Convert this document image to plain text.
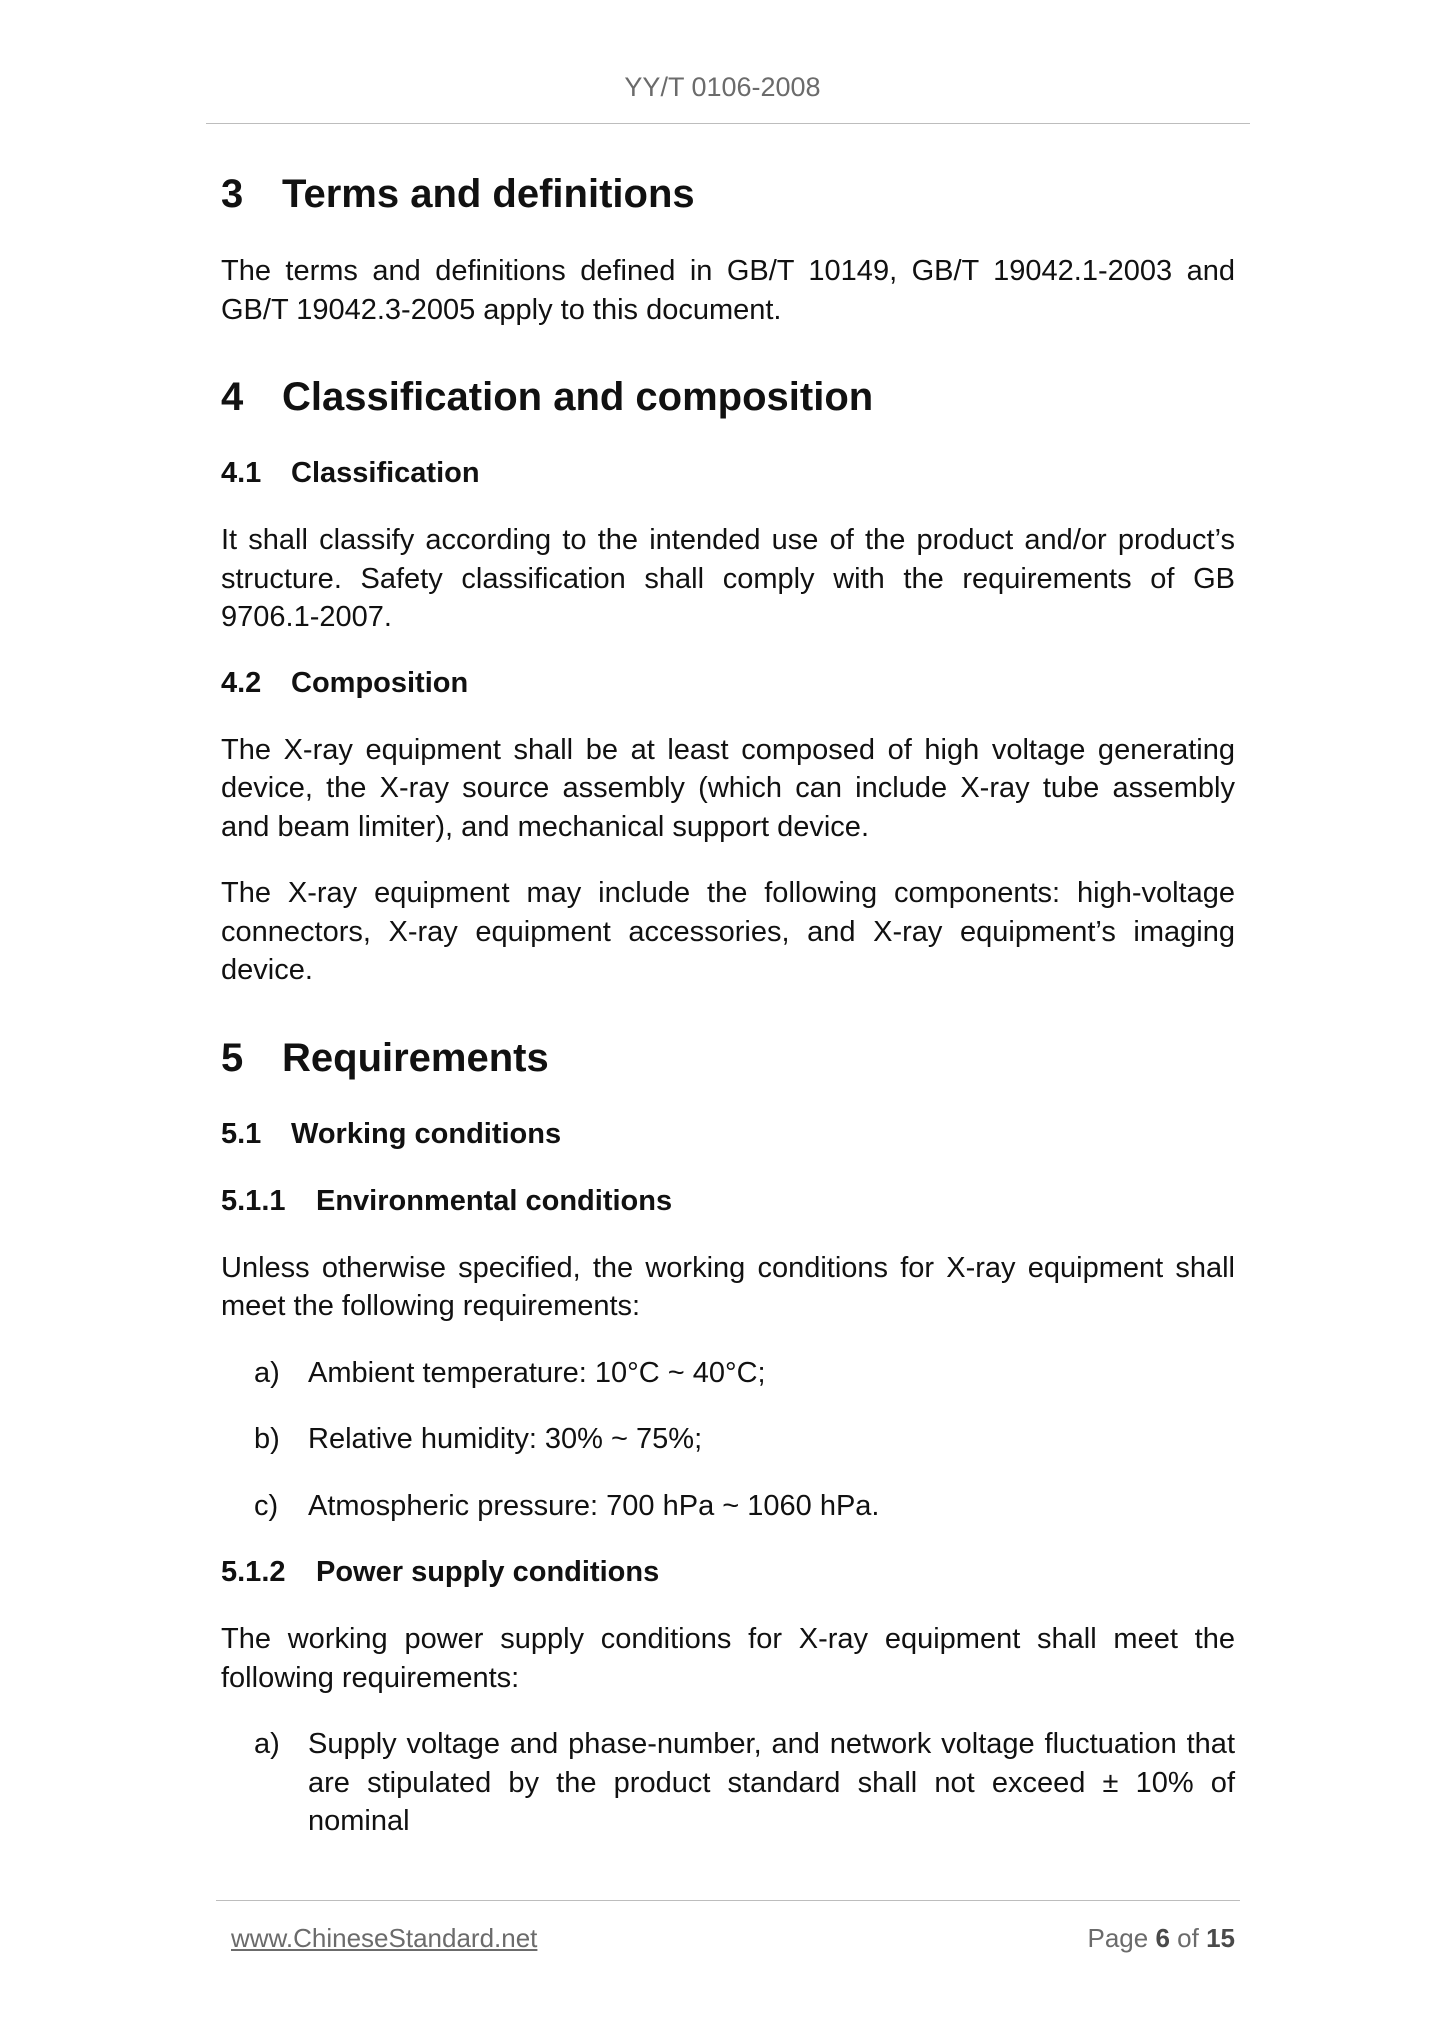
YY/T 0106-2008
3 Terms and definitions

The terms and definitions defined in GB/T 10149, GB/T 19042.1-2003 and GB/T 19042.3-2005 apply to this document.

4 Classification and composition
4.1	Classification

It shall classify according to the intended use of the product and/or product’s structure. Safety classification shall comply with the requirements of GB 9706.1-2007.

4.2	Composition

The X-ray equipment shall be at least composed of high voltage generating device, the X-ray source assembly (which can include X-ray tube assembly and beam limiter), and mechanical support device.

The X-ray equipment may include the following components: high-voltage connectors, X-ray equipment accessories, and X-ray equipment’s imaging device.

5 Requirements
5.1	Working conditions
5.1.1	Environmental conditions

Unless otherwise specified, the working conditions for X-ray equipment shall meet the following requirements:

a) Ambient temperature: 10°C ~ 40°C;
b) Relative humidity: 30% ~ 75%;
c)	Atmospheric pressure: 700 hPa ~ 1060 hPa.
5.1.2	Power supply conditions

The working power supply conditions for X-ray equipment shall meet the following requirements:

a) Supply voltage and phase-number, and network voltage fluctuation that are stipulated by the product standard shall not exceed ± 10% of nominal
www.ChineseStandard.net	Page 6 of 15
